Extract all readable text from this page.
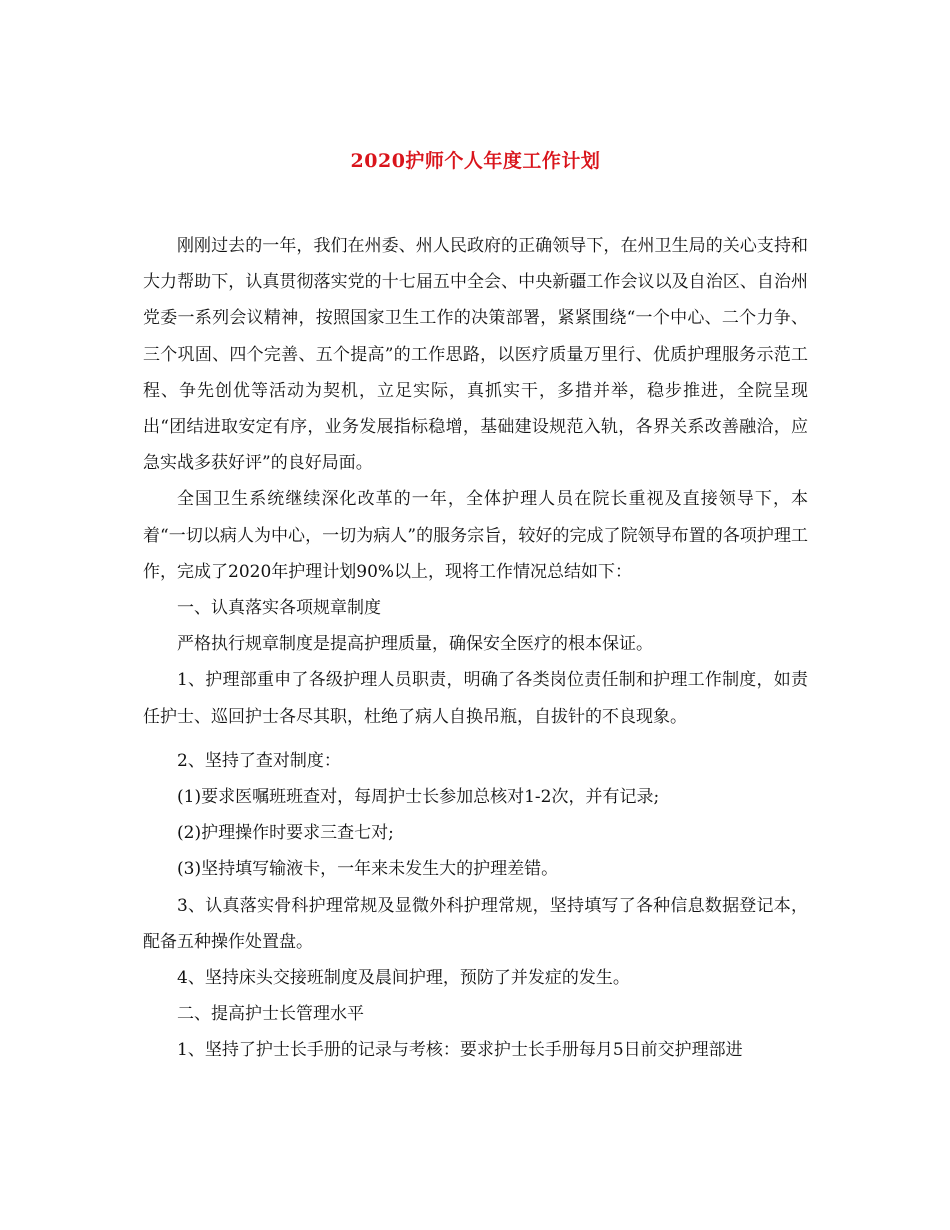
2020护师个人年度工作计划

刚刚过去的一年，我们在州委、州人民政府的正确领导下，在州卫生局的关心支持和大力帮助下，认真贯彻落实党的十七届五中全会、中央新疆工作会议以及自治区、自治州党委一系列会议精神，按照国家卫生工作的决策部署，紧紧围绕“一个中心、二个力争、三个巩固、四个完善、五个提高”的工作思路，以医疗质量万里行、优质护理服务示范工程、争先创优等活动为契机，立足实际，真抓实干，多措并举，稳步推进，全院呈现出“团结进取安定有序，业务发展指标稳增，基础建设规范入轨，各界关系改善融洽，应急实战多获好评”的良好局面。

全国卫生系统继续深化改革的一年，全体护理人员在院长重视及直接领导下，本着“一切以病人为中心，一切为病人”的服务宗旨，较好的完成了院领导布置的各项护理工作，完成了2020年护理计划90%以上，现将工作情况总结如下：

一、认真落实各项规章制度

严格执行规章制度是提高护理质量，确保安全医疗的根本保证。

1、护理部重申了各级护理人员职责，明确了各类岗位责任制和护理工作制度，如责任护士、巡回护士各尽其职，杜绝了病人自换吊瓶，自拔针的不良现象。

2、坚持了查对制度：

(1)要求医嘱班班查对，每周护士长参加总核对1-2次，并有记录;

(2)护理操作时要求三查七对;

(3)坚持填写输液卡，一年来未发生大的护理差错。

3、认真落实骨科护理常规及显微外科护理常规，坚持填写了各种信息数据登记本，配备五种操作处置盘。

4、坚持床头交接班制度及晨间护理，预防了并发症的发生。

二、提高护士长管理水平

1、坚持了护士长手册的记录与考核：要求护士长手册每月5日前交护理部进
